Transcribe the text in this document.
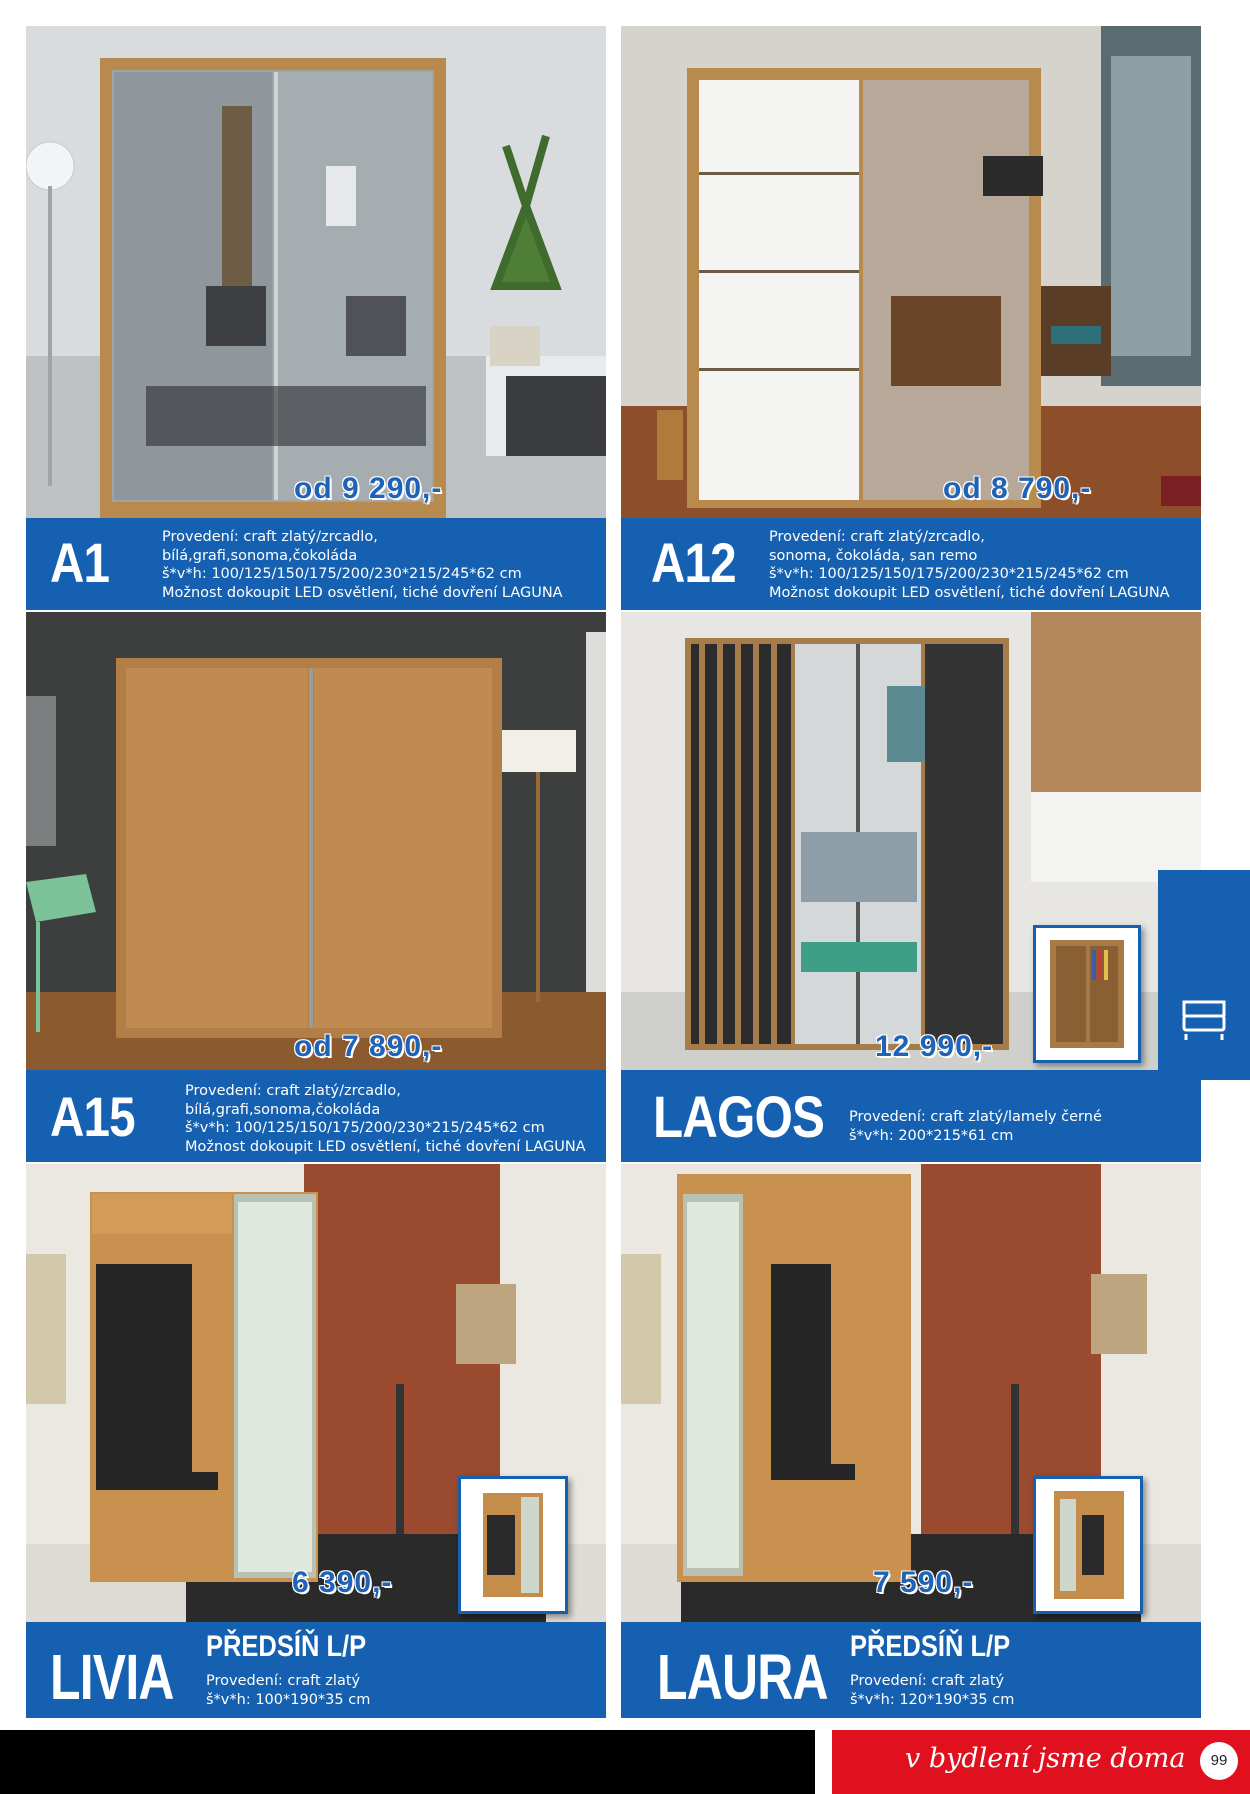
od 9 290,-
A1	Provedení: craft zlatý/zrcadlo,
bílá,grafi,sonoma,čokoláda
š*v*h: 100/125/150/175/200/230*215/245*62 cm
Možnost dokoupit LED osvětlení, tiché dovření LAGUNA
od 8 790,-
A12 Provedení: craft zlatý/zrcadlo,
sonoma, čokoláda, san remo
š*v*h: 100/125/150/175/200/230*215/245*62 cm
Možnost dokoupit LED osvětlení, tiché dovření LAGUNA
od 7 890,-
A15	Provedení: craft zlatý/zrcadlo,
bílá,grafi,sonoma,čokoláda
š*v*h: 100/125/150/175/200/230*215/245*62 cm
Možnost dokoupit LED osvětlení, tiché dovření LAGUNA
12 990,-
LAGOS Provedení: craft zlatý/lamely černé
š*v*h: 200*215*61 cm
6 390,-
LIVIA PŘEDSÍŇ L/P
Provedení: craft zlatý
š*v*h: 100*190*35 cm
7 590,-
LAURA PŘEDSÍŇ L/P
Provedení: craft zlatý
š*v*h: 120*190*35 cm
v bydlení jsme doma	99
